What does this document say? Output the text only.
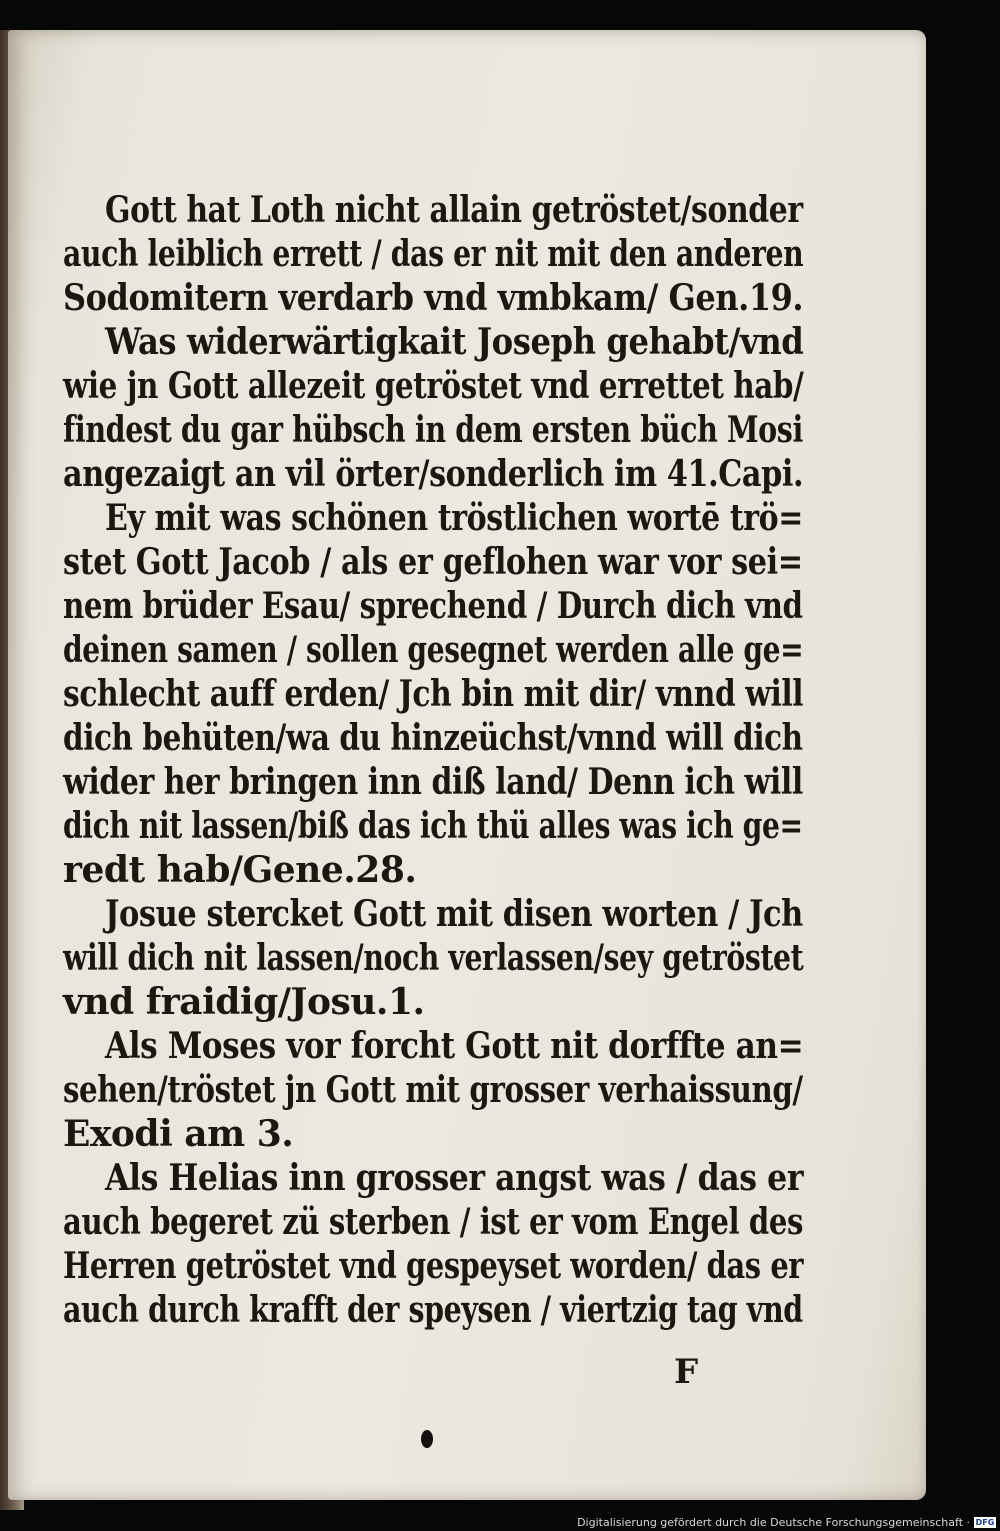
Gott hat Loth nicht allain getröstet/sonder
auch leiblich errett / das er nit mit den anderen
Sodomitern verdarb vnd vmbkam/ Gen.19.
Was widerwärtigkait Joseph gehabt/vnd
wie jn Gott allezeit getröstet vnd errettet hab/
findest du gar hübsch in dem ersten büch Mosi
angezaigt an vil örter/sonderlich im 41.Capi.
Ey mit was schönen tröstlichen wortē trö=
stet Gott Jacob / als er geflohen war vor sei=
nem brüder Esau/ sprechend / Durch dich vnd
deinen samen / sollen gesegnet werden alle ge=
schlecht auff erden/ Jch bin mit dir/ vnnd will
dich behüten/wa du hinzeüchst/vnnd will dich
wider her bringen inn diß land/ Denn ich will
dich nit lassen/biß das ich thü alles was ich ge=
redt hab/Gene.28.
Josue stercket Gott mit disen worten / Jch
will dich nit lassen/noch verlassen/sey getröstet
vnd fraidig/Josu.1.
Als Moses vor forcht Gott nit dorffte an=
sehen/tröstet jn Gott mit grosser verhaissung/
Exodi am 3.
Als Helias inn grosser angst was / das er
auch begeret zü sterben / ist er vom Engel des
Herren getröstet vnd gespeyset worden/ das er
auch durch krafft der speysen / viertzig tag vnd
F
Digitalisierung gefördert durch die Deutsche Forschungsgemeinschaft · DFG
